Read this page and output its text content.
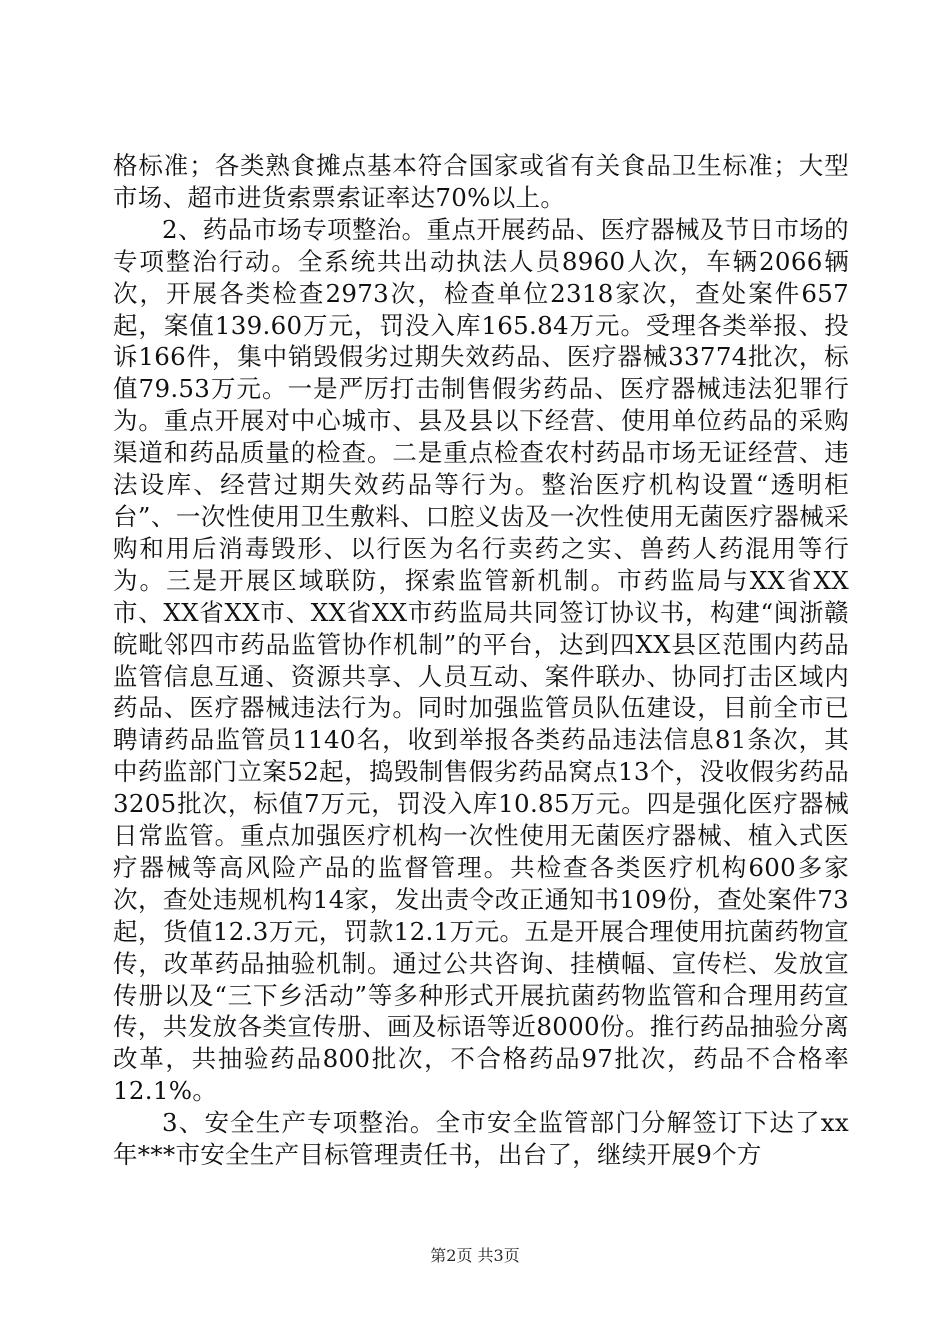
格标准；各类熟食摊点基本符合国家或省有关食品卫生标准；大型市场、超市进货索票索证率达70%以上。

2、药品市场专项整治。重点开展药品、医疗器械及节日市场的专项整治行动。全系统共出动执法人员8960人次，车辆2066辆次，开展各类检查2973次，检查单位2318家次，查处案件657起，案值139.60万元，罚没入库165.84万元。受理各类举报、投诉166件，集中销毁假劣过期失效药品、医疗器械33774批次，标值79.53万元。一是严厉打击制售假劣药品、医疗器械违法犯罪行为。重点开展对中心城市、县及县以下经营、使用单位药品的采购渠道和药品质量的检查。二是重点检查农村药品市场无证经营、违法设库、经营过期失效药品等行为。整治医疗机构设置“透明柜台”、一次性使用卫生敷料、口腔义齿及一次性使用无菌医疗器械采购和用后消毒毁形、以行医为名行卖药之实、兽药人药混用等行为。三是开展区域联防，探索监管新机制。市药监局与XX省XX市、XX省XX市、XX省XX市药监局共同签订协议书，构建“闽浙赣皖毗邻四市药品监管协作机制”的平台，达到四XX县区范围内药品监管信息互通、资源共享、人员互动、案件联办、协同打击区域内药品、医疗器械违法行为。同时加强监管员队伍建设，目前全市已聘请药品监管员1140名，收到举报各类药品违法信息81条次，其中药监部门立案52起，捣毁制售假劣药品窝点13个，没收假劣药品3205批次，标值7万元，罚没入库10.85万元。四是强化医疗器械日常监管。重点加强医疗机构一次性使用无菌医疗器械、植入式医疗器械等高风险产品的监督管理。共检查各类医疗机构600多家次，查处违规机构14家，发出责令改正通知书109份，查处案件73起，货值12.3万元，罚款12.1万元。五是开展合理使用抗菌药物宣传，改革药品抽验机制。通过公共咨询、挂横幅、宣传栏、发放宣传册以及“三下乡活动”等多种形式开展抗菌药物监管和合理用药宣传，共发放各类宣传册、画及标语等近8000份。推行药品抽验分离改革，共抽验药品800批次，不合格药品97批次，药品不合格率12.1%。

3、安全生产专项整治。全市安全监管部门分解签订下达了xx年***市安全生产目标管理责任书，出台了，继续开展9个方

第2页 共3页
